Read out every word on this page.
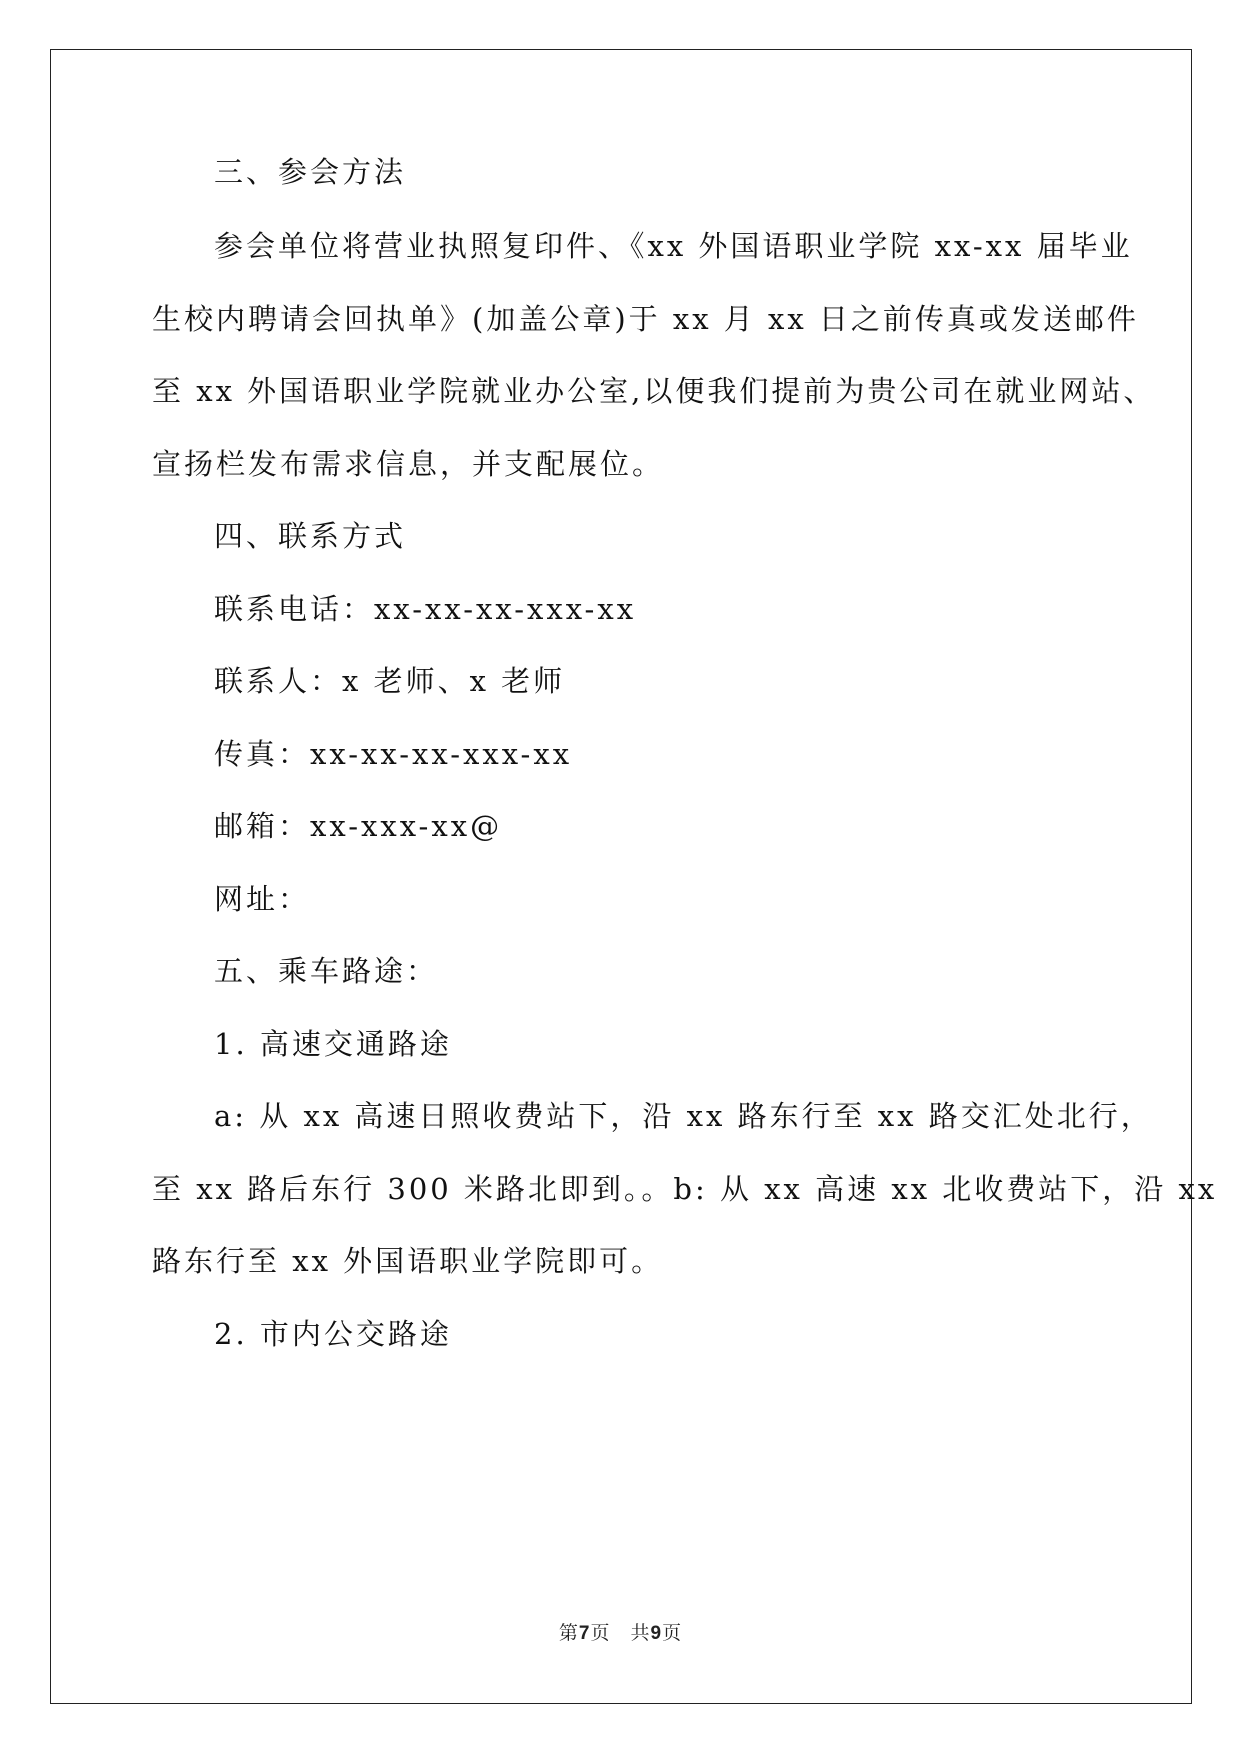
三、参会方法
参会单位将营业执照复印件、《xx 外国语职业学院 xx-xx 届毕业
生校内聘请会回执单》(加盖公章)于 xx 月 xx 日之前传真或发送邮件
至 xx 外国语职业学院就业办公室,以便我们提前为贵公司在就业网站、
宣扬栏发布需求信息，并支配展位。
四、联系方式
联系电话：xx-xx-xx-xxx-xx
联系人：x 老师、x 老师
传真：xx-xx-xx-xxx-xx
邮箱：xx-xxx-xx@
网址：
五、乘车路途：
1. 高速交通路途
a: 从 xx 高速日照收费站下，沿 xx 路东行至 xx 路交汇处北行，
至 xx 路后东行 300 米路北即到。。b: 从 xx 高速 xx 北收费站下，沿 xx
路东行至 xx 外国语职业学院即可。
2. 市内公交路途
第7页　共9页
